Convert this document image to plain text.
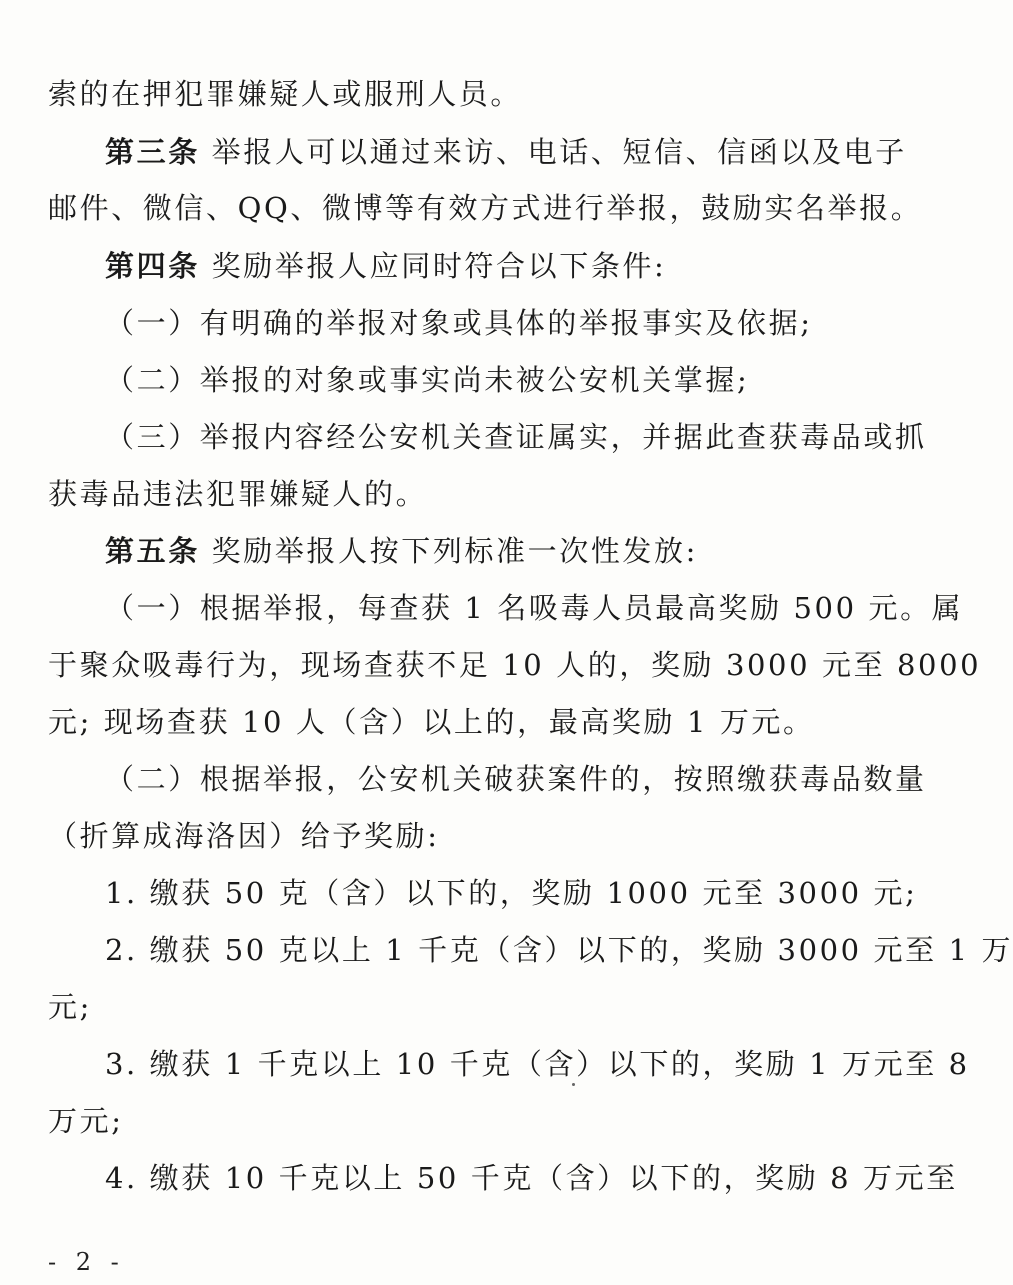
索的在押犯罪嫌疑人或服刑人员。
第三条 举报人可以通过来访、电话、短信、信函以及电子
邮件、微信、QQ、微博等有效方式进行举报，鼓励实名举报。
第四条 奖励举报人应同时符合以下条件:
（一）有明确的举报对象或具体的举报事实及依据;
（二）举报的对象或事实尚未被公安机关掌握;
（三）举报内容经公安机关查证属实，并据此查获毒品或抓
获毒品违法犯罪嫌疑人的。
第五条 奖励举报人按下列标准一次性发放:
（一）根据举报，每查获 1 名吸毒人员最高奖励 500 元。属
于聚众吸毒行为，现场查获不足 10 人的，奖励 3000 元至 8000
元; 现场查获 10 人（含）以上的，最高奖励 1 万元。
（二）根据举报，公安机关破获案件的，按照缴获毒品数量
（折算成海洛因）给予奖励:
1. 缴获 50 克（含）以下的，奖励 1000 元至 3000 元;
2. 缴获 50 克以上 1 千克（含）以下的，奖励 3000 元至 1 万
元;
3. 缴获 1 千克以上 10 千克（含）以下的，奖励 1 万元至 8
万元;
4. 缴获 10 千克以上 50 千克（含）以下的，奖励 8 万元至
- 2 -
